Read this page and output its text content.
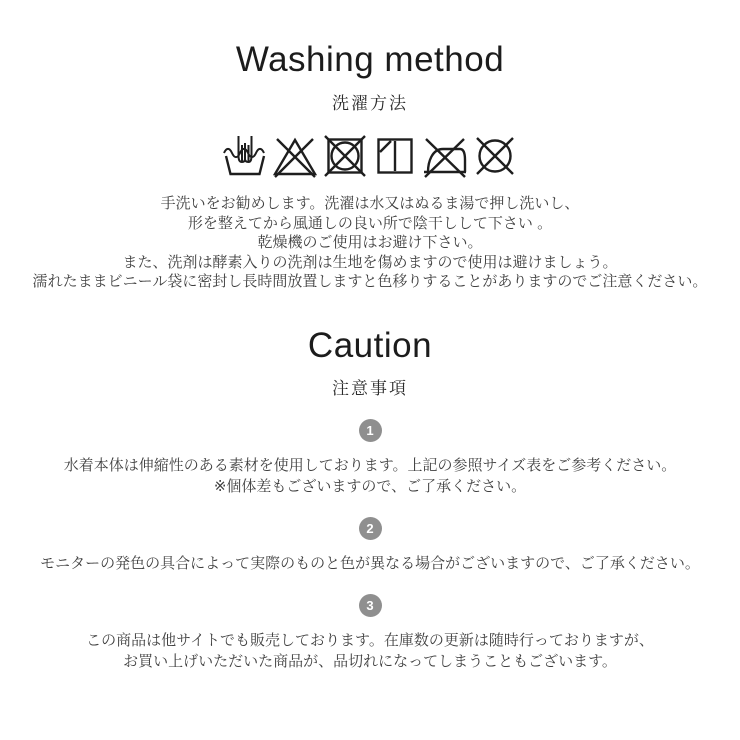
Washing method
洗濯方法
手洗いをお勧めします。洗濯は水又はぬるま湯で押し洗いし、
形を整えてから風通しの良い所で陰干しして下さい 。
乾燥機のご使用はお避け下さい。
また、洗剤は酵素入りの洗剤は生地を傷めますので使用は避けましょう。
濡れたままビニール袋に密封し長時間放置しますと色移りすることがありますのでご注意ください。
Caution
注意事項
1
水着本体は伸縮性のある素材を使用しております。上記の参照サイズ表をご参考ください。
※個体差もございますので、ご了承ください。
2
モニターの発色の具合によって実際のものと色が異なる場合がございますので、ご了承ください。
3
この商品は他サイトでも販売しております。在庫数の更新は随時行っておりますが、
お買い上げいただいた商品が、品切れになってしまうこともございます。
